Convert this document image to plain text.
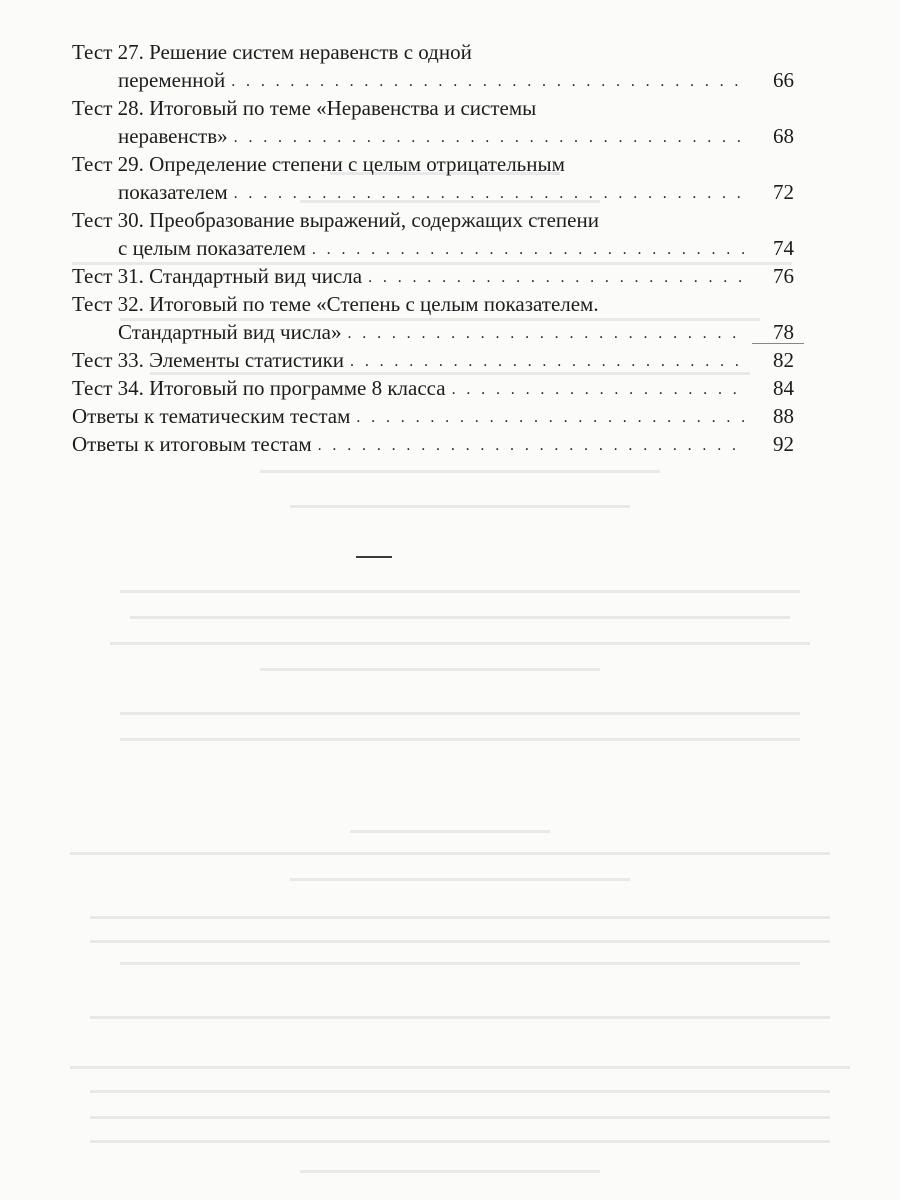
Тест 27. Решение систем неравенств с одной
переменной . . .	66
Тест 28. Итоговый по теме «Неравенства и системы
неравенств» . . .	68
Тест 29. Определение степени с целым отрицательным
показателем . . .	72
Тест 30. Преобразование выражений, содержащих степени
с целым показателем . . .	74
Тест 31. Стандартный вид числа . . .	76
Тест 32. Итоговый по теме «Степень с целым показателем.
Стандартный вид числа» . . .	78
Тест 33. Элементы статистики . . .	82
Тест 34. Итоговый по программе 8 класса . . .	84
Ответы к тематическим тестам . . .	88
Ответы к итоговым тестам . . .	92
